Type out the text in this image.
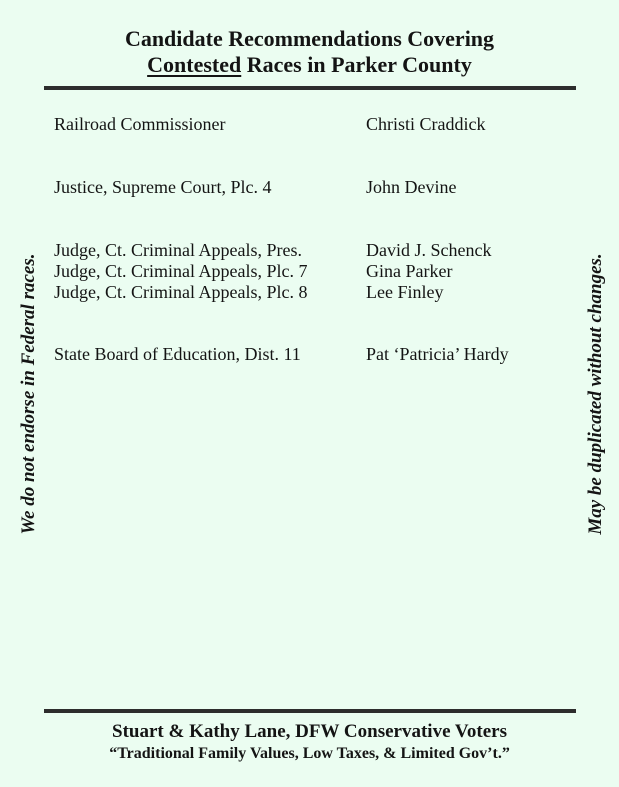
Candidate Recommendations Covering
Contested Races in Parker County
Railroad Commissioner	Christi Craddick
Justice, Supreme Court, Plc. 4	John Devine
Judge, Ct. Criminal Appeals, Pres.	David J. Schenck
Judge, Ct. Criminal Appeals, Plc. 7	Gina Parker
Judge, Ct. Criminal Appeals, Plc. 8	Lee Finley
State Board of Education, Dist. 11	Pat ‘Patricia’ Hardy
We do not endorse in Federal races.	May be duplicated without changes.
Stuart & Kathy Lane, DFW Conservative Voters
“Traditional Family Values, Low Taxes, & Limited Gov’t.”
